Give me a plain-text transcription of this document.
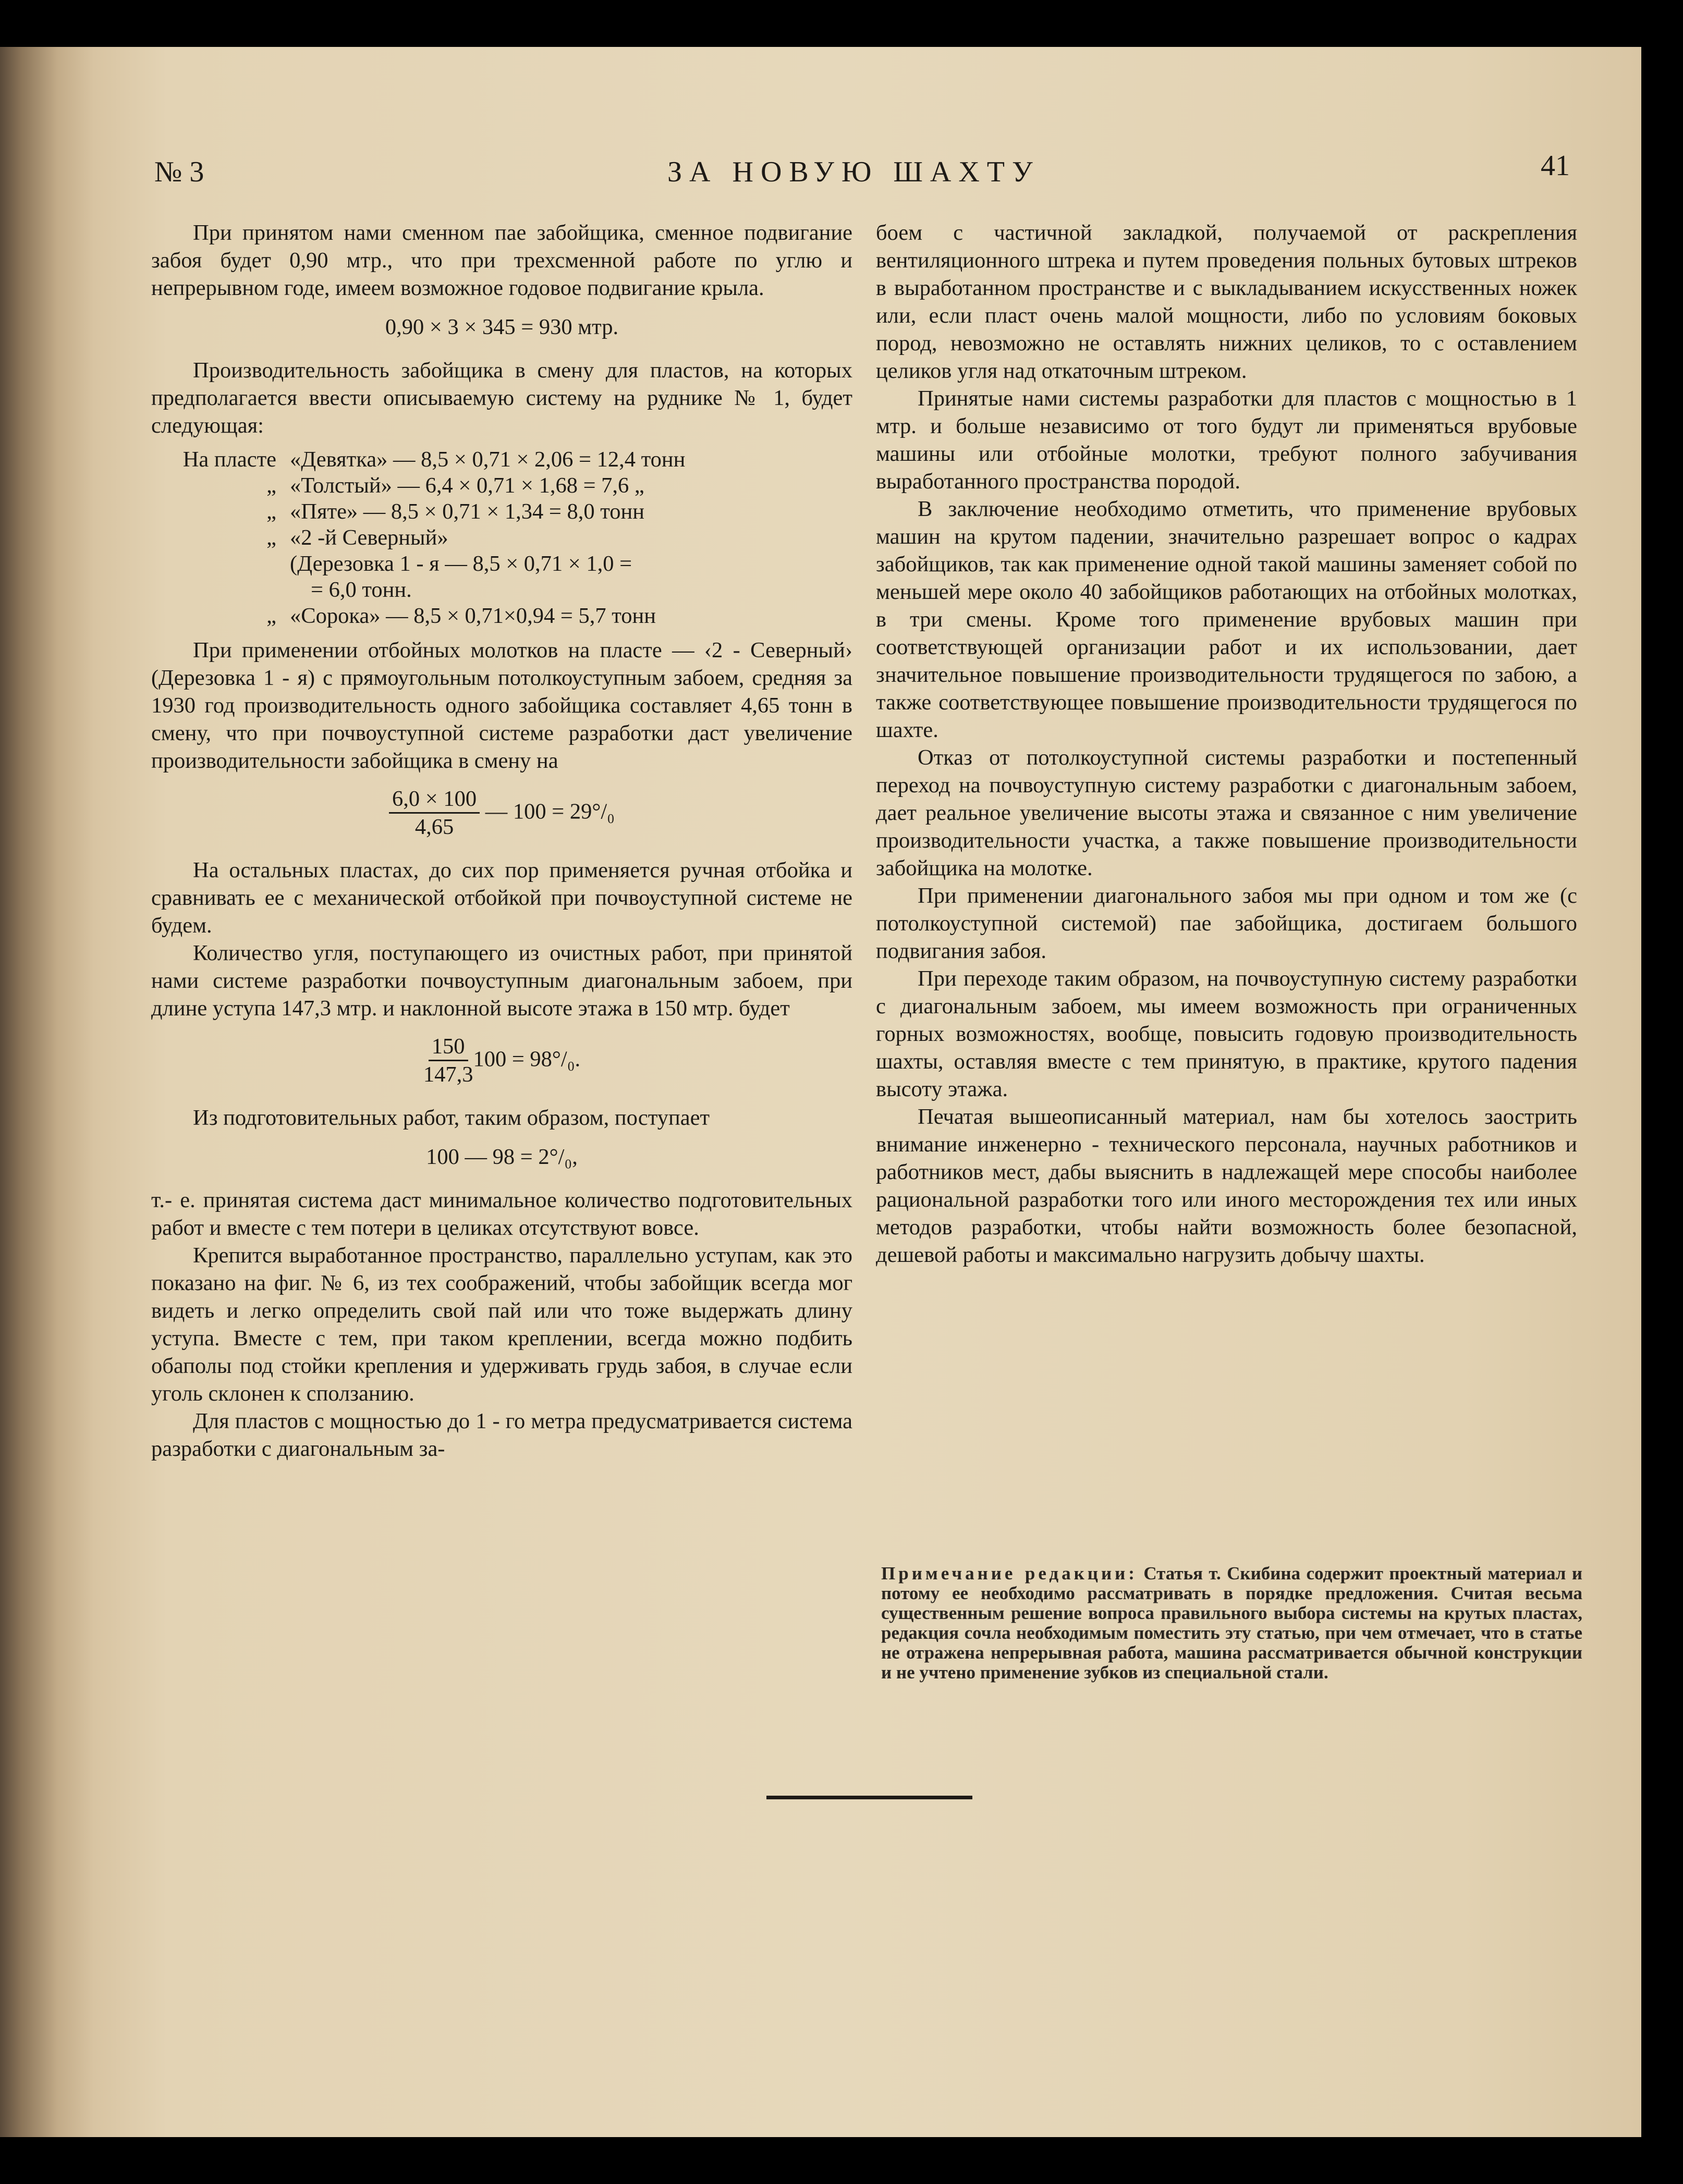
№ 3	ЗА НОВУЮ ШАХТУ	41

При принятом нами сменном пае забойщика, сменное подвигание забоя будет 0,90 мтр., что при трехсменной работе по углю и непрерывном годе, имеем возможное годовое подвигание крыла.

0,90 × 3 × 345 = 930 мтр.

Производительность забойщика в смену для пластов, на которых предполагается ввести описываемую систему на руднике № 1, будет следующая:

На пласте «Девятка» — 8,5 × 0,71 × 2,06 = 12,4 тонн
„ «Толстый» — 6,4 × 0,71 × 1,68 = 7,6 „
„ «Пяте» — 8,5 × 0,71 × 1,34 = 8,0 тонн
„ «2 -й Северный»
(Дерезовка 1 - я — 8,5 × 0,71 × 1,0 =
= 6,0 тонн.
„ «Сорока» — 8,5 × 0,71×0,94 = 5,7 тонн

При применении отбойных молотков на пласте — ‹2 - Северный› (Дерезовка 1 - я) с прямоугольным потолкоуступным забоем, средняя за 1930 год производительность одного забойщика составляет 4,65 тонн в смену, что при почвоуступной системе разработки даст увеличение производительности забойщика в смену на

$\frac{6,0 \times 100}{4,65}$ — 100 = 29°/₀

На остальных пластах, до сих пор применяется ручная отбойка и сравнивать ее с механической отбойкой при почвоуступной системе не будем.

Количество угля, поступающего из очистных работ, при принятой нами системе разработки почвоуступным диагональным забоем, при длине уступа 147,3 мтр. и наклонной высоте этажа в 150 мтр. будет

$\frac{150}{147,3} 100 = 98^\circ/_0$.

Из подготовительных работ, таким образом, поступает

100 — 98 = 2°/₀,

т.- е. принятая система даст минимальное количество подготовительных работ и вместе с тем потери в целиках отсутствуют вовсе.

Крепится выработанное пространство, параллельно уступам, как это показано на фиг. № 6, из тех соображений, чтобы забойщик всегда мог видеть и легко определить свой пай или что тоже выдержать длину уступа. Вместе с тем, при таком креплении, всегда можно подбить обаполы под стойки крепления и удерживать грудь забоя, в случае если уголь склонен к сползанию.

Для пластов с мощностью до 1 - го метра предусматривается система разработки с диагональным за-

боем с частичной закладкой, получаемой от раскрепления вентиляционного штрека и путем проведения польных бутовых штреков в выработанном пространстве и с выкладыванием искусственных ножек или, если пласт очень малой мощности, либо по условиям боковых пород, невозможно не оставлять нижних целиков, то с оставлением целиков угля над откаточным штреком.

Принятые нами системы разработки для пластов с мощностью в 1 мтр. и больше независимо от того будут ли применяться врубовые машины или отбойные молотки, требуют полного забучивания выработанного пространства породой.

В заключение необходимо отметить, что применение врубовых машин на крутом падении, значительно разрешает вопрос о кадрах забойщиков, так как применение одной такой машины заменяет собой по меньшей мере около 40 забойщиков работающих на отбойных молотках, в три смены. Кроме того применение врубовых машин при соответствующей организации работ и их использовании, дает значительное повышение производительности трудящегося по забою, а также соответствующее повышение производительности трудящегося по шахте.

Отказ от потолкоуступной системы разработки и постепенный переход на почвоуступную систему разработки с диагональным забоем, дает реальное увеличение высоты этажа и связанное с ним увеличение производительности участка, а также повышение производительности забойщика на молотке.

При применении диагонального забоя мы при одном и том же (с потолкоуступной системой) пае забойщика, достигаем большого подвигания забоя.

При переходе таким образом, на почвоуступную систему разработки с диагональным забоем, мы имеем возможность при ограниченных горных возможностях, вообще, повысить годовую производительность шахты, оставляя вместе с тем принятую, в практике, крутого падения высоту этажа.

Печатая вышеописанный материал, нам бы хотелось заострить внимание инженерно - технического персонала, научных работников и работников мест, дабы выяснить в надлежащей мере способы наиболее рациональной разработки того или иного месторождения тех или иных методов разработки, чтобы найти возможность более безопасной, дешевой работы и максимально нагрузить добычу шахты.

Примечание редакции: Статья т. Скибина содержит проектный материал и потому ее необходимо рассматривать в порядке предложения. Считая весьма существенным решение вопроса правильного выбора системы на крутых пластах, редакция сочла необходимым поместить эту статью, при чем отмечает, что в статье не отражена непрерывная работа, машина рассматривается обычной конструкции и не учтено применение зубков из специальной стали.
